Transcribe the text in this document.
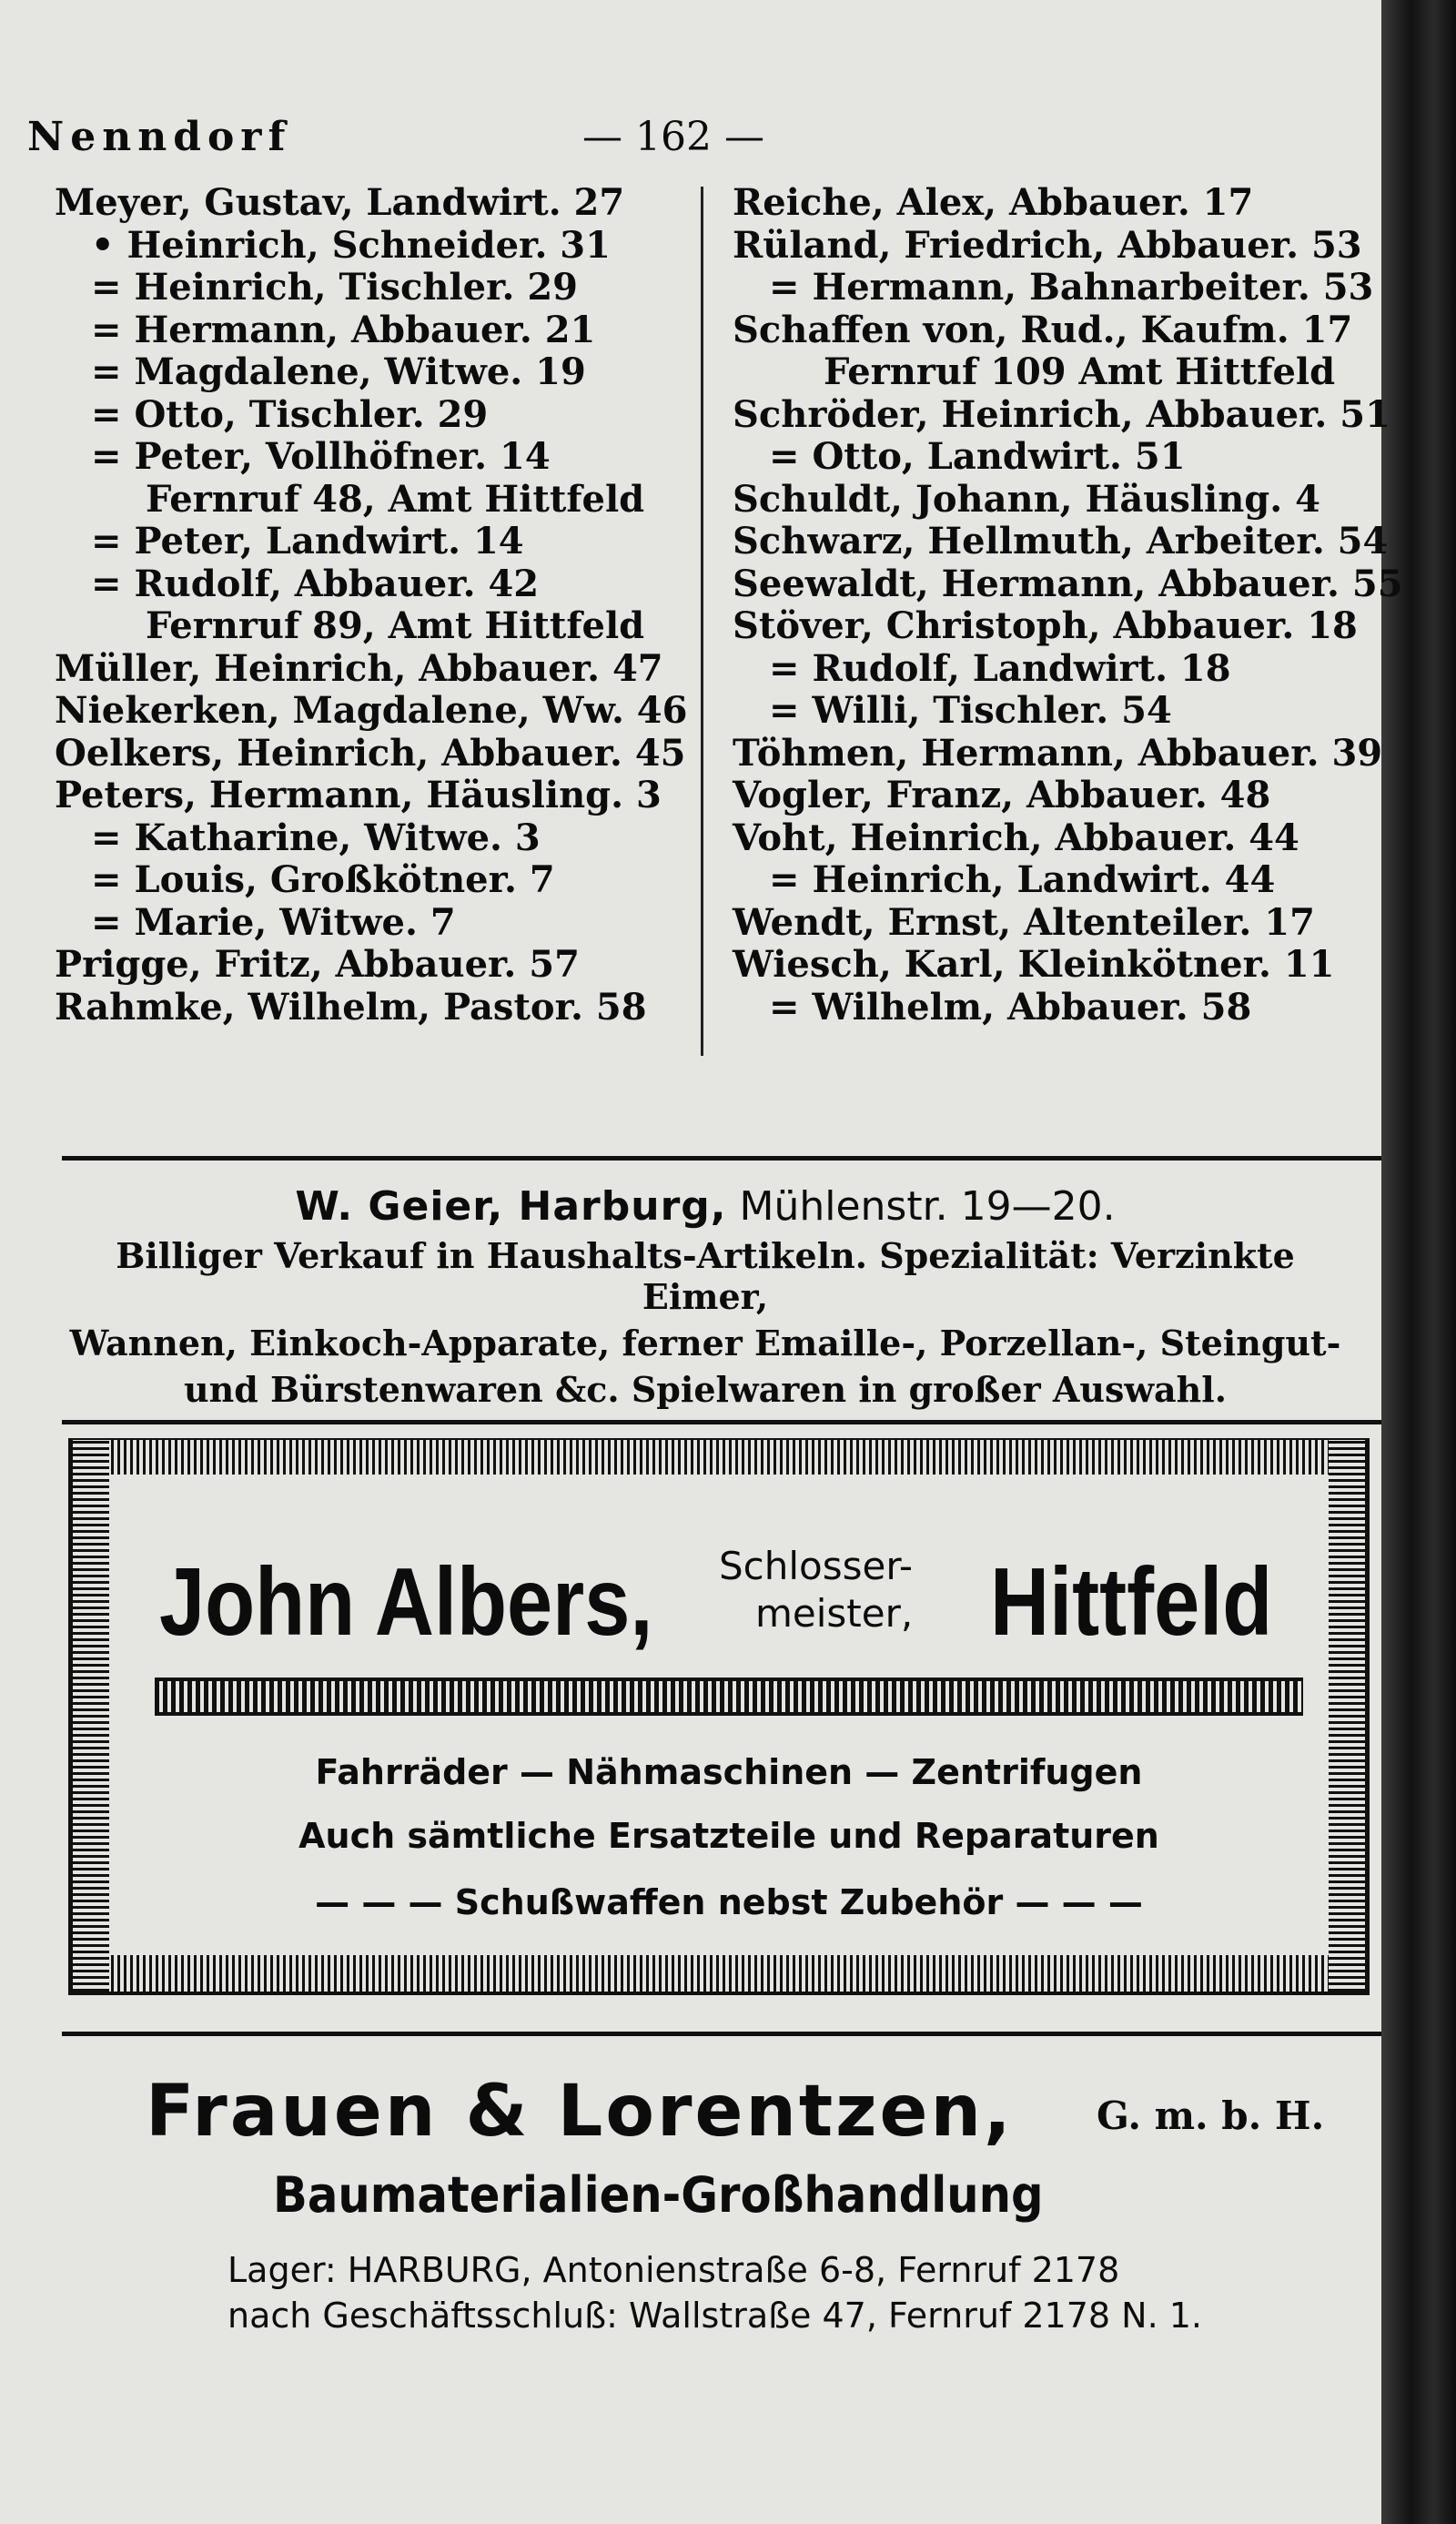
Nenndorf	— 162 —
Meyer, Gustav, Landwirt. 27
• Heinrich, Schneider. 31
= Heinrich, Tischler. 29
= Hermann, Abbauer. 21
= Magdalene, Witwe. 19
= Otto, Tischler. 29
= Peter, Vollhöfner. 14
Fernruf 48, Amt Hittfeld
= Peter, Landwirt. 14
= Rudolf, Abbauer. 42
Fernruf 89, Amt Hittfeld
Müller, Heinrich, Abbauer. 47
Niekerken, Magdalene, Ww. 46
Oelkers, Heinrich, Abbauer. 45
Peters, Hermann, Häusling. 3
= Katharine, Witwe. 3
= Louis, Großkötner. 7
= Marie, Witwe. 7
Prigge, Fritz, Abbauer. 57
Rahmke, Wilhelm, Pastor. 58
Reiche, Alex, Abbauer. 17
Rüland, Friedrich, Abbauer. 53
= Hermann, Bahnarbeiter. 53
Schaffen von, Rud., Kaufm. 17
Fernruf 109 Amt Hittfeld
Schröder, Heinrich, Abbauer. 51
= Otto, Landwirt. 51
Schuldt, Johann, Häusling. 4
Schwarz, Hellmuth, Arbeiter. 54
Seewaldt, Hermann, Abbauer. 55
Stöver, Christoph, Abbauer. 18
= Rudolf, Landwirt. 18
= Willi, Tischler. 54
Töhmen, Hermann, Abbauer. 39
Vogler, Franz, Abbauer. 48
Voht, Heinrich, Abbauer. 44
= Heinrich, Landwirt. 44
Wendt, Ernst, Altenteiler. 17
Wiesch, Karl, Kleinkötner. 11
= Wilhelm, Abbauer. 58
W. Geier, Harburg, Mühlenstr. 19—20.
Billiger Verkauf in Haushalts-Artikeln. Spezialität: Verzinkte Eimer,
Wannen, Einkoch-Apparate, ferner Emaille-, Porzellan-, Steingut-
und Bürstenwaren &c. Spielwaren in großer Auswahl.
John Albers, Schlosser-
meister, Hittfeld
Fahrräder — Nähmaschinen — Zentrifugen
Auch sämtliche Ersatzteile und Reparaturen
— — — Schußwaffen nebst Zubehör — — —
Frauen & Lorentzen, G. m. b. H.
Baumaterialien-Großhandlung
Lager: HARBURG, Antonienstraße 6-8, Fernruf 2178
nach Geschäftsschluß: Wallstraße 47, Fernruf 2178 N. 1.
